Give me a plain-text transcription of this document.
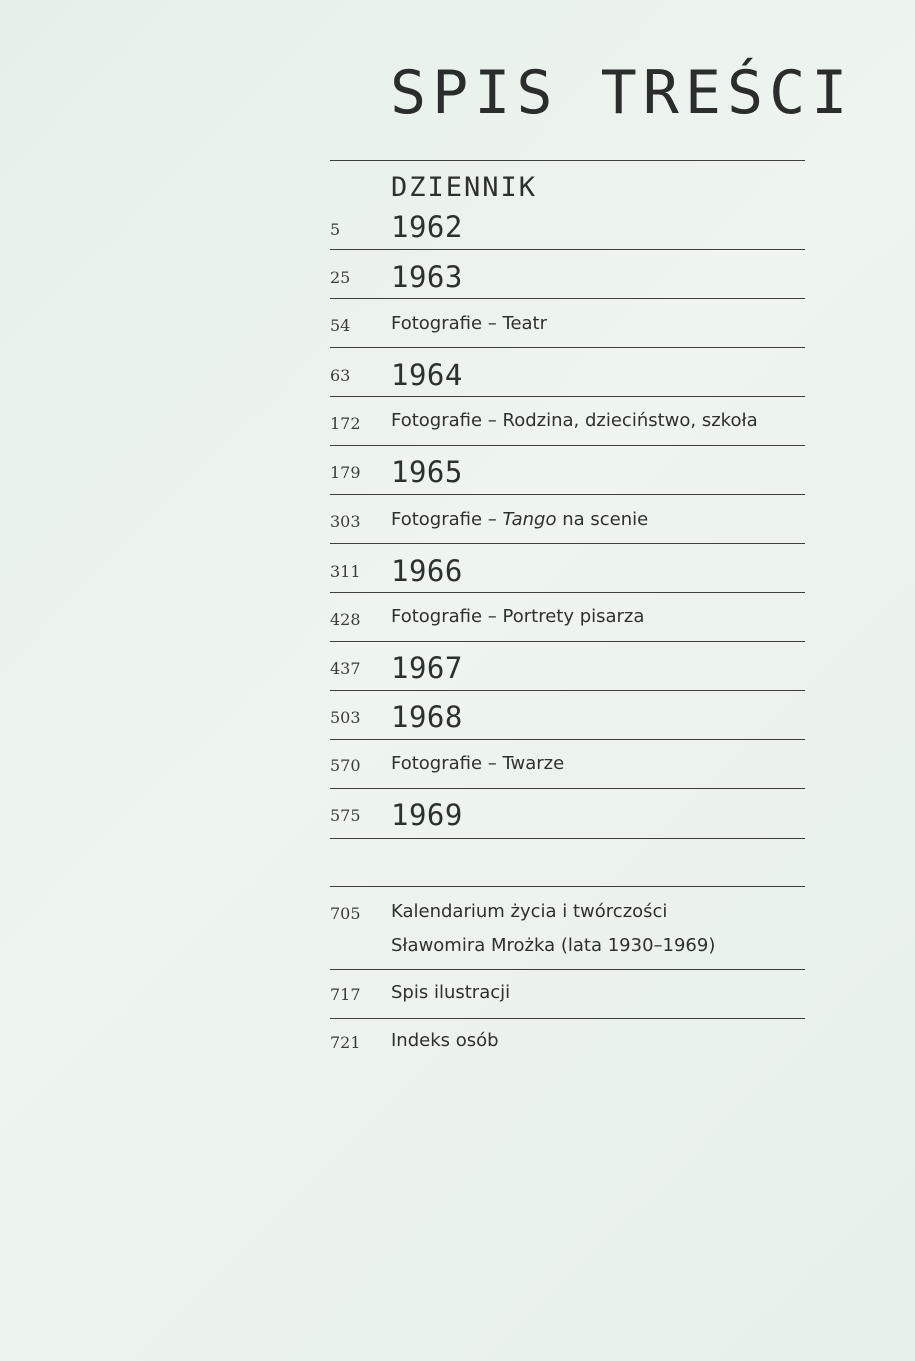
SPIS TREŚCI
DZIENNIK
5	1962
25	1963
54	Fotografie – Teatr
63	1964
172	Fotografie – Rodzina, dzieciństwo, szkoła
179	1965
303	Fotografie – Tango na scenie
311	1966
428	Fotografie – Portrety pisarza
437	1967
503	1968
570	Fotografie – Twarze
575	1969
705	Kalendarium życia i twórczości
Sławomira Mrożka (lata 1930–1969)
717	Spis ilustracji
721	Indeks osób
